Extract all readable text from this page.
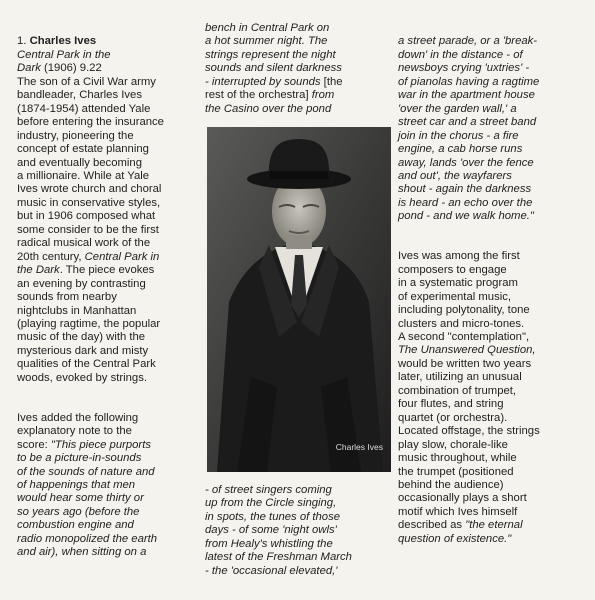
1. Charles Ives
Central Park in the
Dark (1906) 9.22
The son of a Civil War army
bandleader, Charles Ives
(1874-1954) attended Yale
before entering the insurance
industry, pioneering the
concept of estate planning
and eventually becoming
a millionaire. While at Yale
Ives wrote church and choral
music in conservative styles,
but in 1906 composed what
some consider to be the first
radical musical work of the
20th century, Central Park in
the Dark. The piece evokes
an evening by contrasting
sounds from nearby
nightclubs in Manhattan
(playing ragtime, the popular
music of the day) with the
mysterious dark and misty
qualities of the Central Park
woods, evoked by strings.

Ives added the following
explanatory note to the
score: "This piece purports
to be a picture-in-sounds
of the sounds of nature and
of happenings that men
would hear some thirty or
so years ago (before the
combustion engine and
radio monopolized the earth
and air), when sitting on a

bench in Central Park on
a hot summer night. The
strings represent the night
sounds and silent darkness
- interrupted by sounds [the
rest of the orchestra] from
the Casino over the pond
Charles Ives
- of street singers coming
up from the Circle singing,
in spots, the tunes of those
days - of some 'night owls'
from Healy's whistling the
latest of the Freshman March
- the 'occasional elevated,'

a street parade, or a 'break-
down' in the distance - of
newsboys crying 'uxtries' -
of pianolas having a ragtime
war in the apartment house
'over the garden wall,' a
street car and a street band
join in the chorus - a fire
engine, a cab horse runs
away, lands 'over the fence
and out', the wayfarers
shout - again the darkness
is heard - an echo over the
pond - and we walk home."

Ives was among the first
composers to engage
in a systematic program
of experimental music,
including polytonality, tone
clusters and micro-tones.
A second "contemplation",
The Unanswered Question,
would be written two years
later, utilizing an unusual
combination of trumpet,
four flutes, and string
quartet (or orchestra).
Located offstage, the strings
play slow, chorale-like
music throughout, while
the trumpet (positioned
behind the audience)
occasionally plays a short
motif which Ives himself
described as "the eternal
question of existence."
